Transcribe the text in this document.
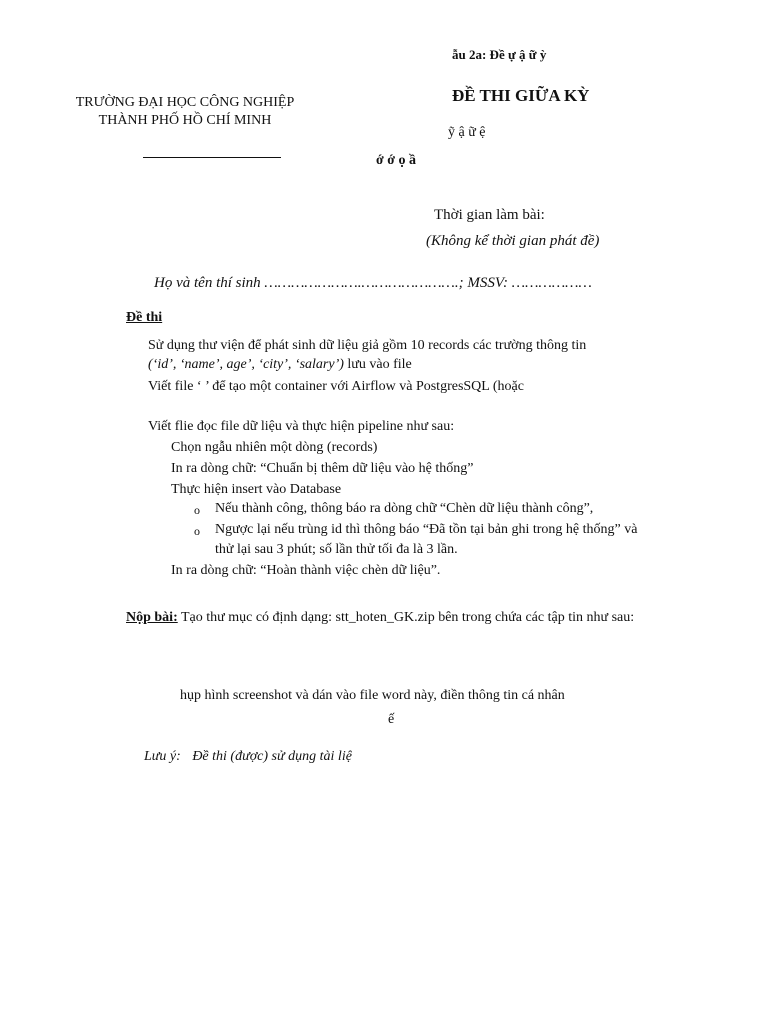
ẫu 2a: Đề ự ậ ữ ỳ
TRƯỜNG ĐẠI HỌC CÔNG NGHIỆP
THÀNH PHỐ HỒ CHÍ MINH
ĐỀ THI GIỮA KỲ
ỹ ậ ữ ệ
ớ ớ ọ ầ
Thời gian làm bài:
(Không kể thời gian phát đề)
Họ và tên thí sinh ………………….………………….; MSSV: ………………
Đề thi
Sử dụng thư viện để phát sinh dữ liệu giả gồm 10 records các trường thông tin
(‘id’, ‘name’, age’, ‘city’, ‘salary’) lưu vào file
Viết file ‘ ’ để tạo một container với Airflow và PostgresSQL (hoặc
Viết flie đọc file dữ liệu và thực hiện pipeline như sau:
Chọn ngẫu nhiên một dòng (records)
In ra dòng chữ: “Chuẩn bị thêm dữ liệu vào hệ thống”
Thực hiện insert vào Database
o Nếu thành công, thông báo ra dòng chữ “Chèn dữ liệu thành công”,
o Ngược lại nếu trùng id thì thông báo “Đã tồn tại bản ghi trong hệ thống” và
thử lại sau 3 phút; số lần thử tối đa là 3 lần.
In ra dòng chữ: “Hoàn thành việc chèn dữ liệu”.
Nộp bài: Tạo thư mục có định dạng: stt_hoten_GK.zip bên trong chứa các tập tin như sau:
hụp hình screenshot và dán vào file word này, điền thông tin cá nhân
ế
Lưu ý: Đề thi (được) sử dụng tài liệ
